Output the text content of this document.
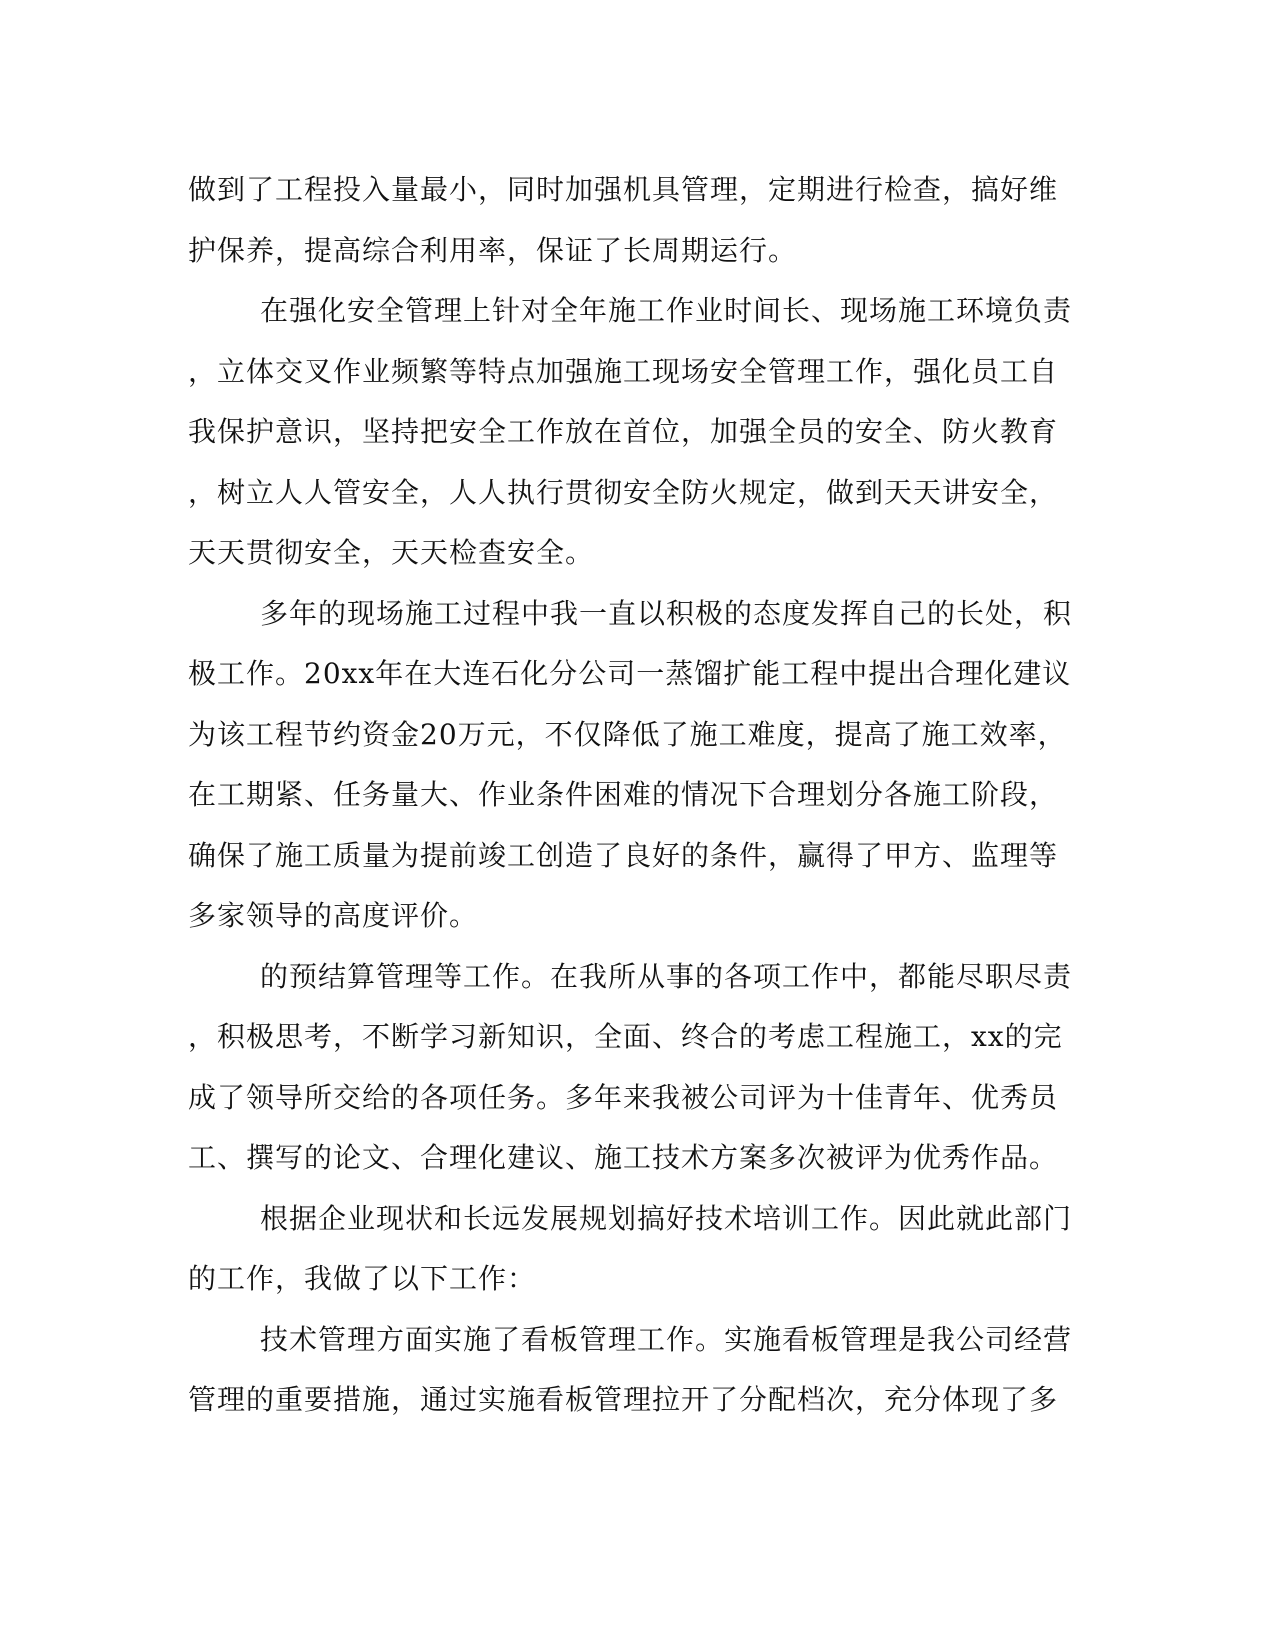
做到了工程投入量最小，同时加强机具管理，定期进行检查，搞好维
护保养，提高综合利用率，保证了长周期运行。
在强化安全管理上针对全年施工作业时间长、现场施工环境负责
，立体交叉作业频繁等特点加强施工现场安全管理工作，强化员工自
我保护意识，坚持把安全工作放在首位，加强全员的安全、防火教育
，树立人人管安全，人人执行贯彻安全防火规定，做到天天讲安全，
天天贯彻安全，天天检查安全。
多年的现场施工过程中我一直以积极的态度发挥自己的长处，积
极工作。20xx年在大连石化分公司一蒸馏扩能工程中提出合理化建议
为该工程节约资金20万元，不仅降低了施工难度，提高了施工效率，
在工期紧、任务量大、作业条件困难的情况下合理划分各施工阶段，
确保了施工质量为提前竣工创造了良好的条件，赢得了甲方、监理等
多家领导的高度评价。
的预结算管理等工作。在我所从事的各项工作中，都能尽职尽责
，积极思考，不断学习新知识，全面、终合的考虑工程施工，xx的完
成了领导所交给的各项任务。多年来我被公司评为十佳青年、优秀员
工、撰写的论文、合理化建议、施工技术方案多次被评为优秀作品。
根据企业现状和长远发展规划搞好技术培训工作。因此就此部门
的工作，我做了以下工作：
技术管理方面实施了看板管理工作。实施看板管理是我公司经营
管理的重要措施，通过实施看板管理拉开了分配档次，充分体现了多
